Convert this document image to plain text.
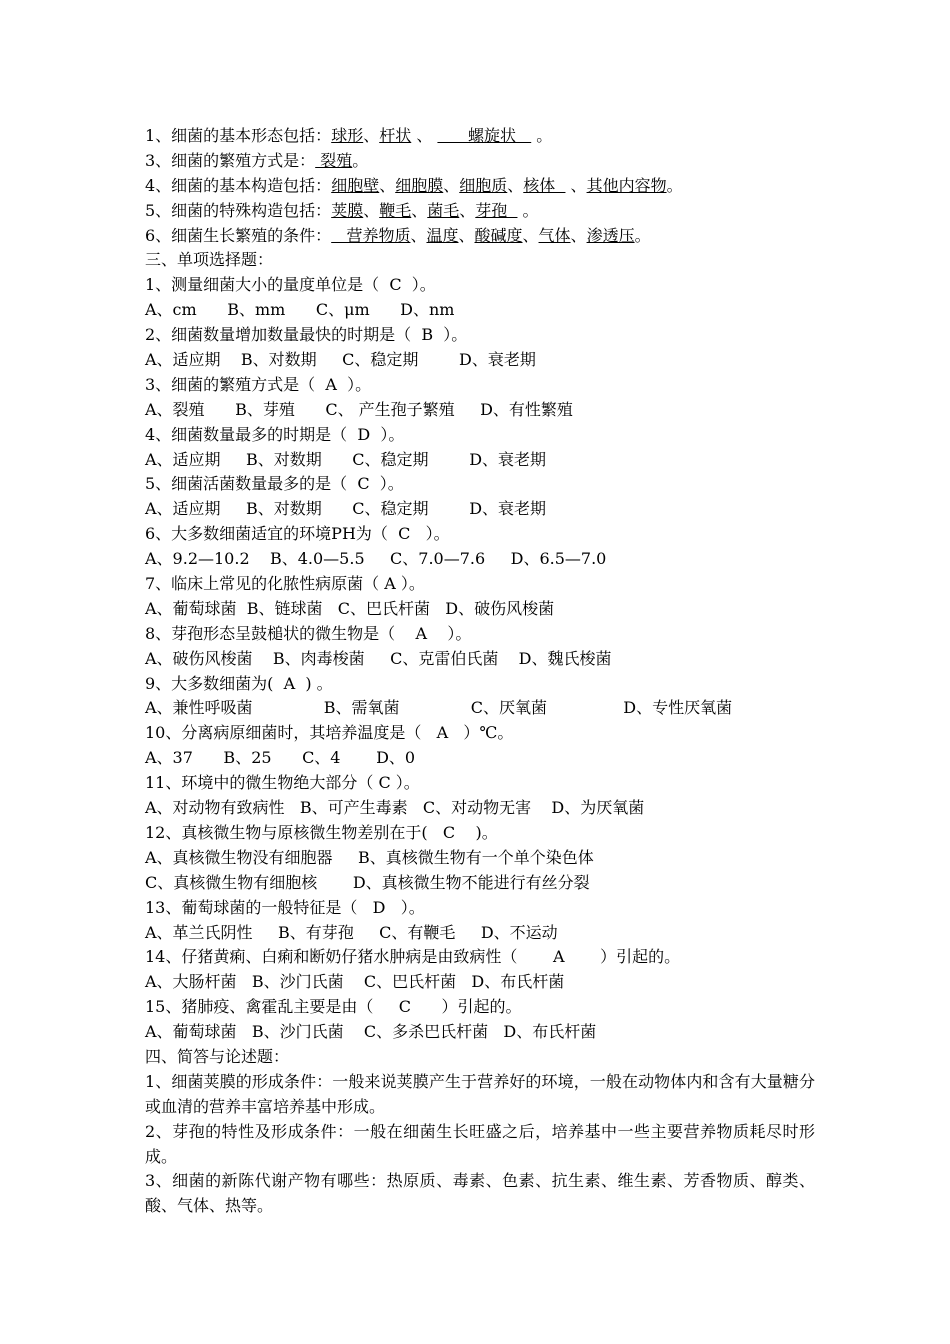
1、细菌的基本形态包括：球形、杆状 、       螺旋状    。
3、细菌的繁殖方式是： 裂殖。
4、细菌的基本构造包括：细胞壁、细胞膜、细胞质、核体   、其他内容物。
5、细菌的特殊构造包括：荚膜、鞭毛、菌毛、芽孢   。
6、细菌生长繁殖的条件：   营养物质、温度、酸碱度、气体、渗透压。
三、单项选择题：
1、测量细菌大小的量度单位是（  C  ）。
A、cm      B、mm      C、μm      D、nm
2、细菌数量增加数量最快的时期是（  B  ）。
A、适应期    B、对数期     C、稳定期        D、衰老期
3、细菌的繁殖方式是（  A  ）。
A、裂殖      B、芽殖      C、 产生孢子繁殖     D、有性繁殖
4、细菌数量最多的时期是（  D  ）。
A、适应期     B、对数期      C、稳定期        D、衰老期
5、细菌活菌数量最多的是（  C  ）。
A、适应期     B、对数期      C、稳定期        D、衰老期
6、大多数细菌适宜的环境PH为（  C   ）。
A、9.2—10.2    B、4.0—5.5     C、7.0—7.6     D、6.5—7.0
7、临床上常见的化脓性病原菌（ A ）。
A、葡萄球菌  B、链球菌   C、巴氏杆菌   D、破伤风梭菌
8、芽孢形态呈鼓槌状的微生物是（    A    ）。
A、破伤风梭菌    B、肉毒梭菌     C、克雷伯氏菌    D、魏氏梭菌
9、大多数细菌为(  A  ) 。
A、兼性呼吸菌              B、需氧菌              C、厌氧菌               D、专性厌氧菌
10、分离病原细菌时，其培养温度是（   A   ）℃。
A、37      B、25      C、4       D、0
11、环境中的微生物绝大部分（ C ）。
A、对动物有致病性   B、可产生毒素   C、对动物无害    D、为厌氧菌
12、真核微生物与原核微生物差别在于(   C    )。
A、真核微生物没有细胞器     B、真核微生物有一个单个染色体
C、真核微生物有细胞核       D、真核微生物不能进行有丝分裂
13、葡萄球菌的一般特征是（   D   ）。
A、革兰氏阴性     B、有芽孢     C、有鞭毛     D、不运动
14、仔猪黄痢、白痢和断奶仔猪水肿病是由致病性（       A       ）引起的。
A、大肠杆菌   B、沙门氏菌    C、巴氏杆菌   D、布氏杆菌
15、猪肺疫、禽霍乱主要是由（     C      ）引起的。
A、葡萄球菌   B、沙门氏菌    C、多杀巴氏杆菌   D、布氏杆菌
四、简答与论述题：
1、细菌荚膜的形成条件：一般来说荚膜产生于营养好的环境，一般在动物体内和含有大量糖分或血清的营养丰富培养基中形成。
2、芽孢的特性及形成条件：一般在细菌生长旺盛之后，培养基中一些主要营养物质耗尽时形成。
3、细菌的新陈代谢产物有哪些：热原质、毒素、色素、抗生素、维生素、芳香物质、醇类、酸、气体、热等。
